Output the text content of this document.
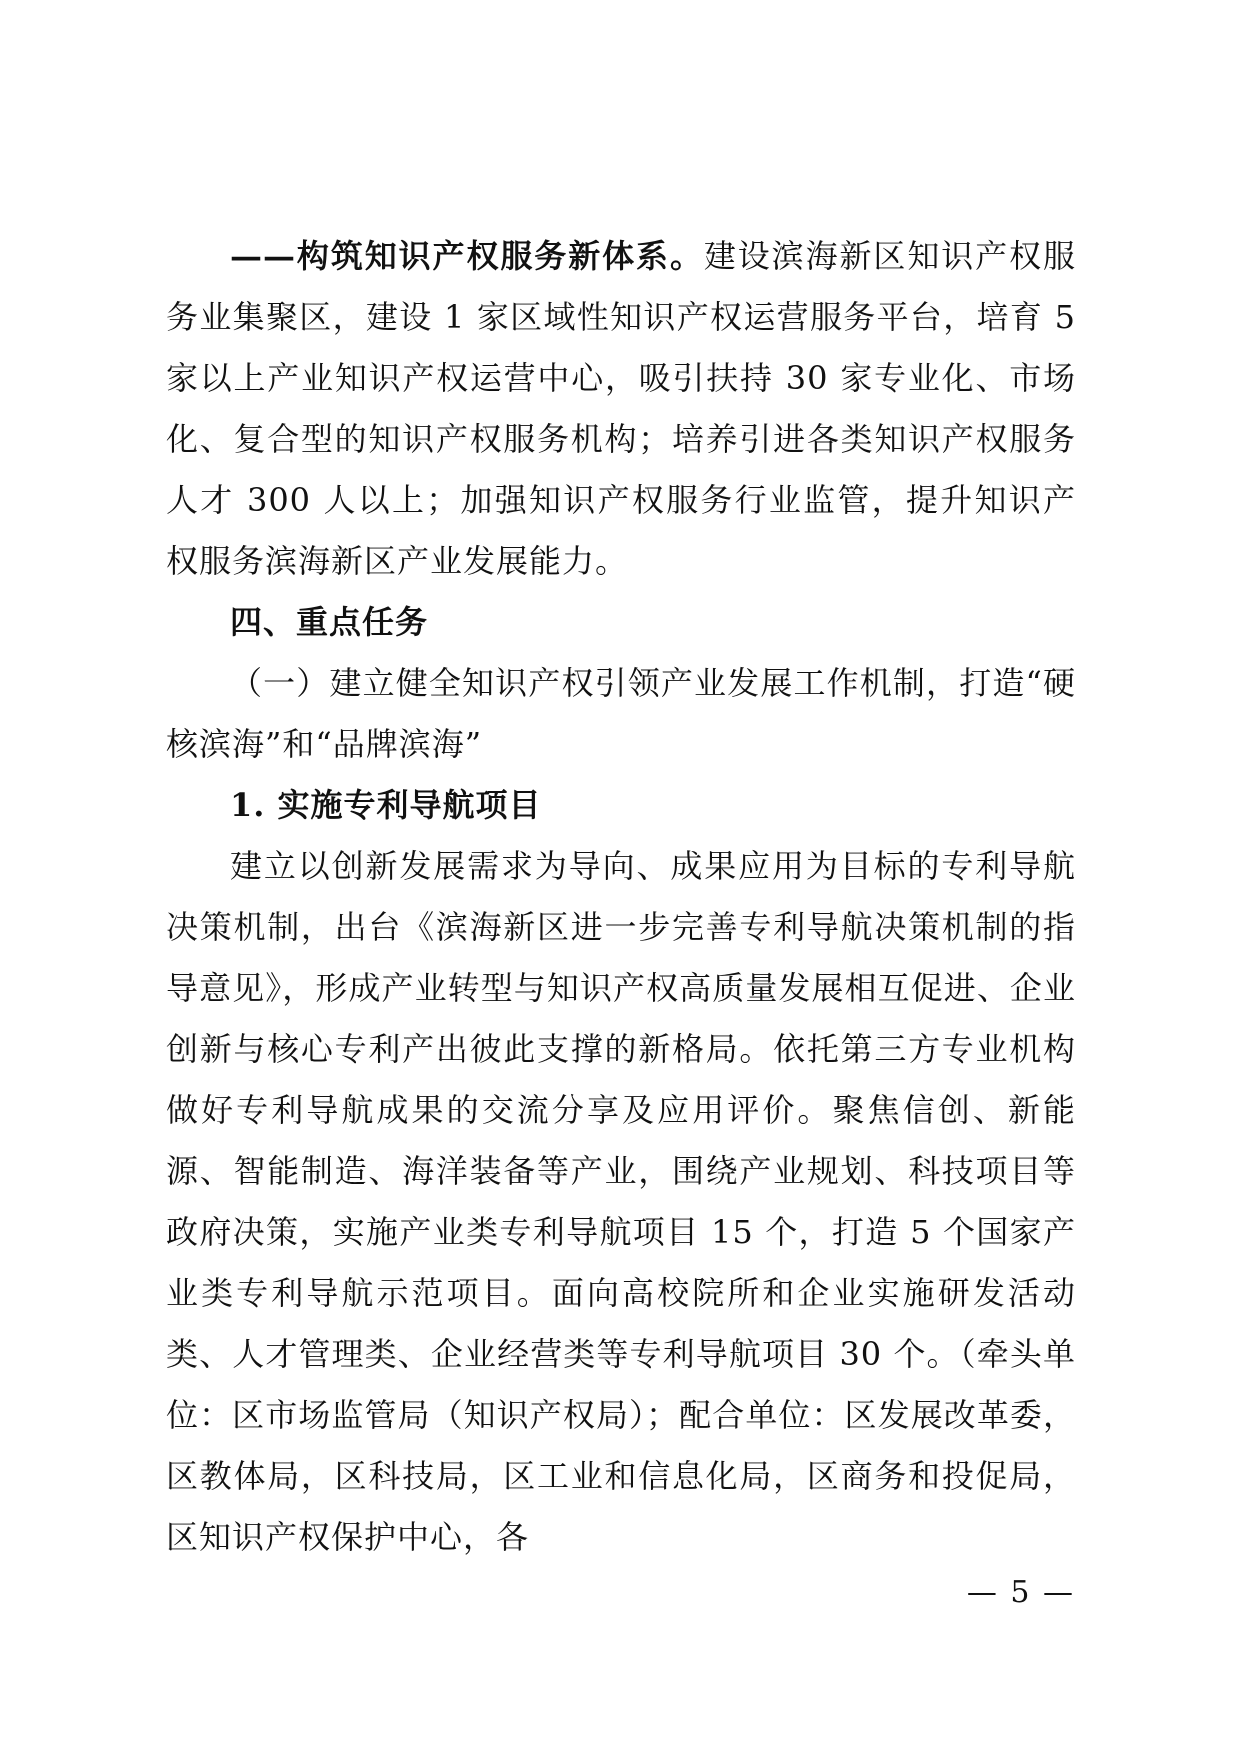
——构筑知识产权服务新体系。建设滨海新区知识产权服务业集聚区，建设 1 家区域性知识产权运营服务平台，培育 5 家以上产业知识产权运营中心，吸引扶持 30 家专业化、市场化、复合型的知识产权服务机构；培养引进各类知识产权服务人才 300 人以上；加强知识产权服务行业监管，提升知识产权服务滨海新区产业发展能力。

四、重点任务

（一）建立健全知识产权引领产业发展工作机制，打造“硬核滨海”和“品牌滨海”

1. 实施专利导航项目

建立以创新发展需求为导向、成果应用为目标的专利导航决策机制，出台《滨海新区进一步完善专利导航决策机制的指导意见》，形成产业转型与知识产权高质量发展相互促进、企业创新与核心专利产出彼此支撑的新格局。依托第三方专业机构做好专利导航成果的交流分享及应用评价。聚焦信创、新能源、智能制造、海洋装备等产业，围绕产业规划、科技项目等政府决策，实施产业类专利导航项目 15 个，打造 5 个国家产业类专利导航示范项目。面向高校院所和企业实施研发活动类、人才管理类、企业经营类等专利导航项目 30 个。（牵头单位：区市场监管局（知识产权局）；配合单位：区发展改革委，区教体局，区科技局，区工业和信息化局，区商务和投促局，区知识产权保护中心，各

— 5 —
